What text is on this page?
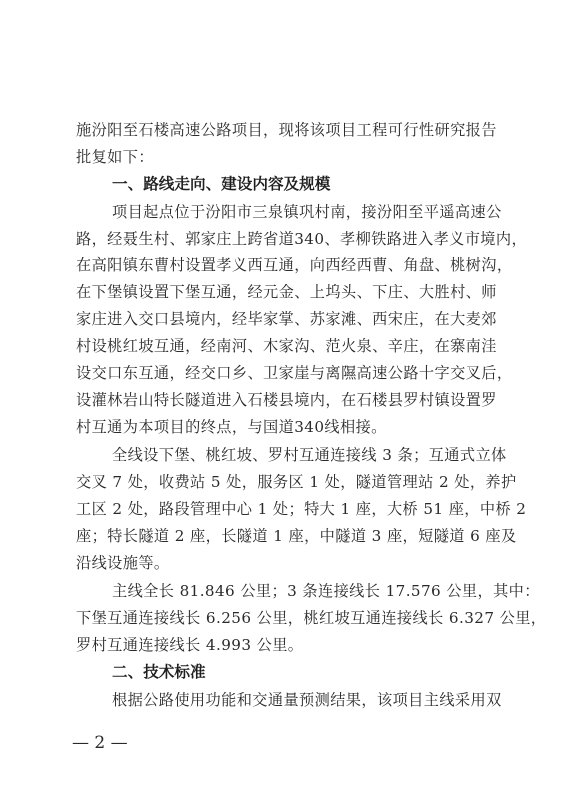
施汾阳至石楼高速公路项目，现将该项目工程可行性研究报告
批复如下：
一、路线走向、建设内容及规模
项目起点位于汾阳市三泉镇巩村南，接汾阳至平遥高速公
路，经聂生村、郭家庄上跨省道340、孝柳铁路进入孝义市境内，
在高阳镇东曹村设置孝义西互通，向西经西曹、角盘、桃树沟，
在下堡镇设置下堡互通，经元金、上坞头、下庄、大胜村、师
家庄进入交口县境内，经毕家掌、苏家滩、西宋庄，在大麦郊
村设桃红坡互通，经南河、木家沟、范火泉、辛庄，在寨南洼
设交口东互通，经交口乡、卫家崖与离隰高速公路十字交叉后，
设灌林岩山特长隧道进入石楼县境内，在石楼县罗村镇设置罗
村互通为本项目的终点，与国道340线相接。
全线设下堡、桃红坡、罗村互通连接线 3 条；互通式立体
交叉 7 处，收费站 5 处，服务区 1 处，隧道管理站 2 处，养护
工区 2 处，路段管理中心 1 处；特大 1 座，大桥 51 座，中桥 2
座；特长隧道 2 座，长隧道 1 座，中隧道 3 座，短隧道 6 座及
沿线设施等。
主线全长 81.846 公里；3 条连接线长 17.576 公里，其中：
下堡互通连接线长 6.256 公里，桃红坡互通连接线长 6.327 公里，
罗村互通连接线长 4.993 公里。
二、技术标准
根据公路使用功能和交通量预测结果，该项目主线采用双
— 2 —
